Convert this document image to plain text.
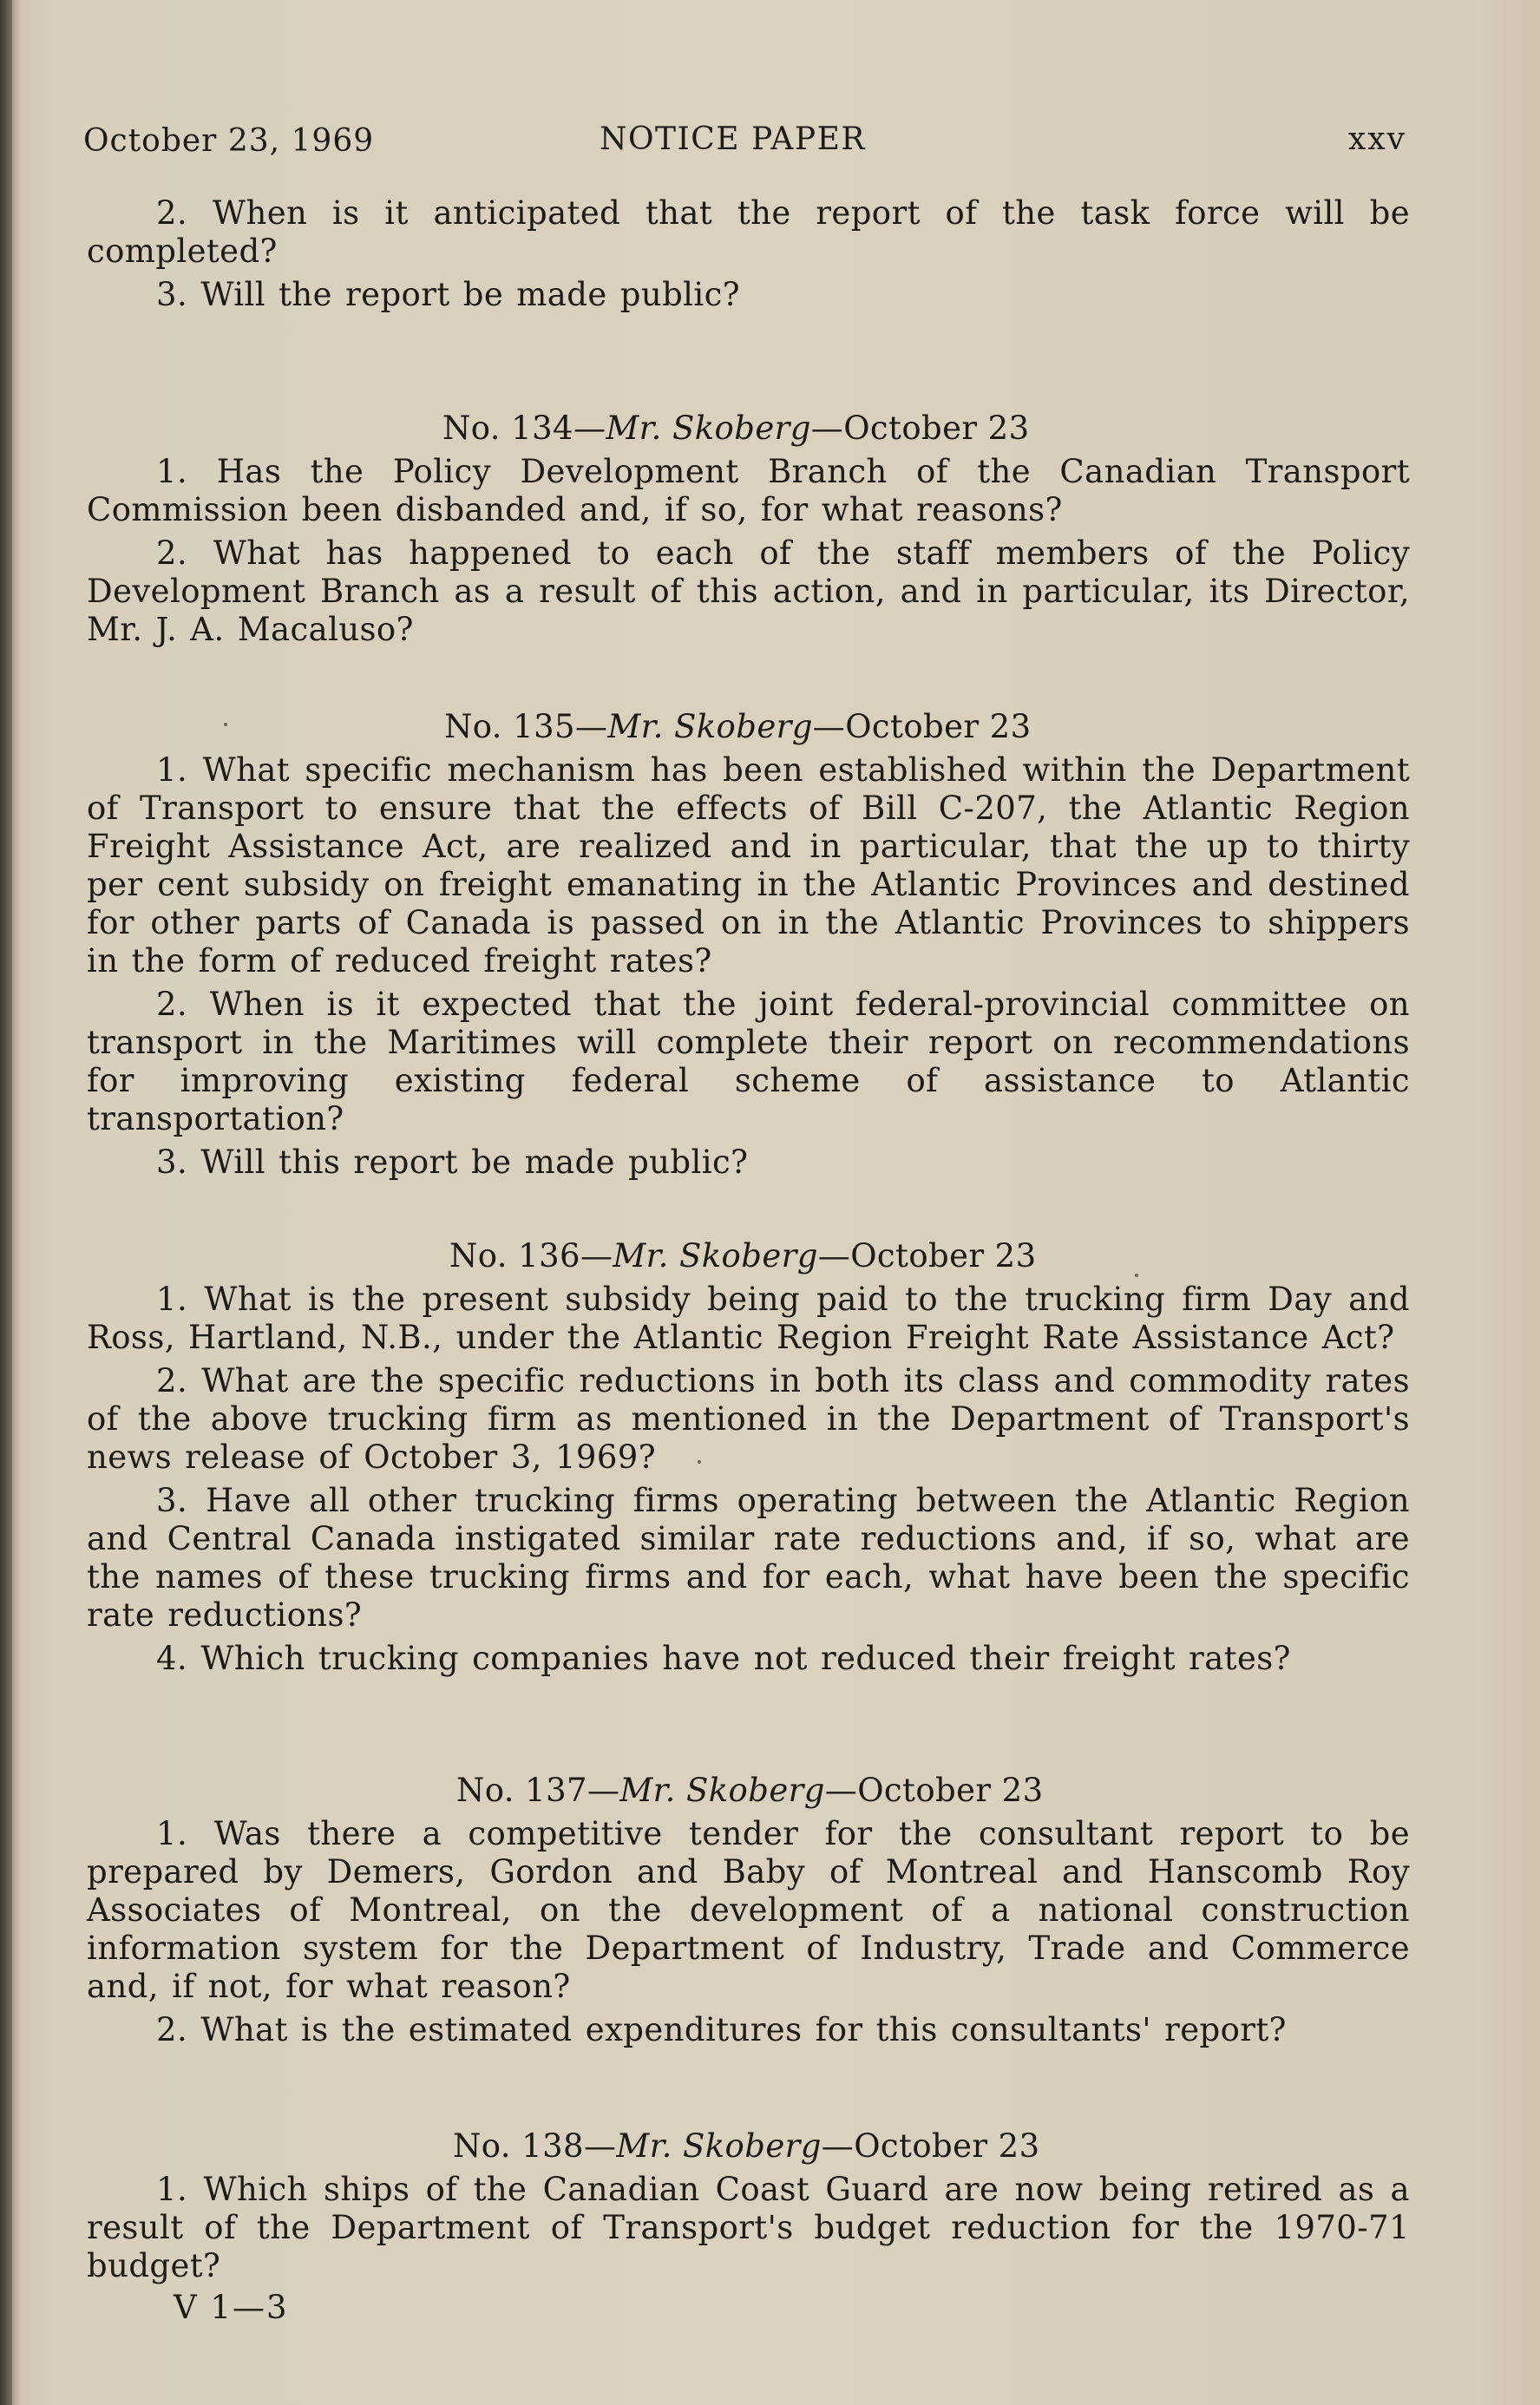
October 23, 1969	NOTICE PAPER	xxv

2. When is it anticipated that the report of the task force will be completed?

3. Will the report be made public?

No. 134—Mr. Skoberg—October 23

1. Has the Policy Development Branch of the Canadian Transport Commission been disbanded and, if so, for what reasons?

2. What has happened to each of the staff members of the Policy Development Branch as a result of this action, and in particular, its Director, Mr. J. A. Macaluso?

No. 135—Mr. Skoberg—October 23

1. What specific mechanism has been established within the Department of Transport to ensure that the effects of Bill C-207, the Atlantic Region Freight Assistance Act, are realized and in particular, that the up to thirty per cent subsidy on freight emanating in the Atlantic Provinces and destined for other parts of Canada is passed on in the Atlantic Provinces to shippers in the form of reduced freight rates?

2. When is it expected that the joint federal-provincial committee on transport in the Maritimes will complete their report on recommendations for improving existing federal scheme of assistance to Atlantic transportation?

3. Will this report be made public?

No. 136—Mr. Skoberg—October 23

1. What is the present subsidy being paid to the trucking firm Day and Ross, Hartland, N.B., under the Atlantic Region Freight Rate Assistance Act?

2. What are the specific reductions in both its class and commodity rates of the above trucking firm as mentioned in the Department of Transport's news release of October 3, 1969?

3. Have all other trucking firms operating between the Atlantic Region and Central Canada instigated similar rate reductions and, if so, what are the names of these trucking firms and for each, what have been the specific rate reductions?

4. Which trucking companies have not reduced their freight rates?

No. 137—Mr. Skoberg—October 23

1. Was there a competitive tender for the consultant report to be prepared by Demers, Gordon and Baby of Montreal and Hanscomb Roy Associates of Montreal, on the development of a national construction information system for the Department of Industry, Trade and Commerce and, if not, for what reason?

2. What is the estimated expenditures for this consultants' report?

No. 138—Mr. Skoberg—October 23

1. Which ships of the Canadian Coast Guard are now being retired as a result of the Department of Transport's budget reduction for the 1970-71 budget?

V 1—3
